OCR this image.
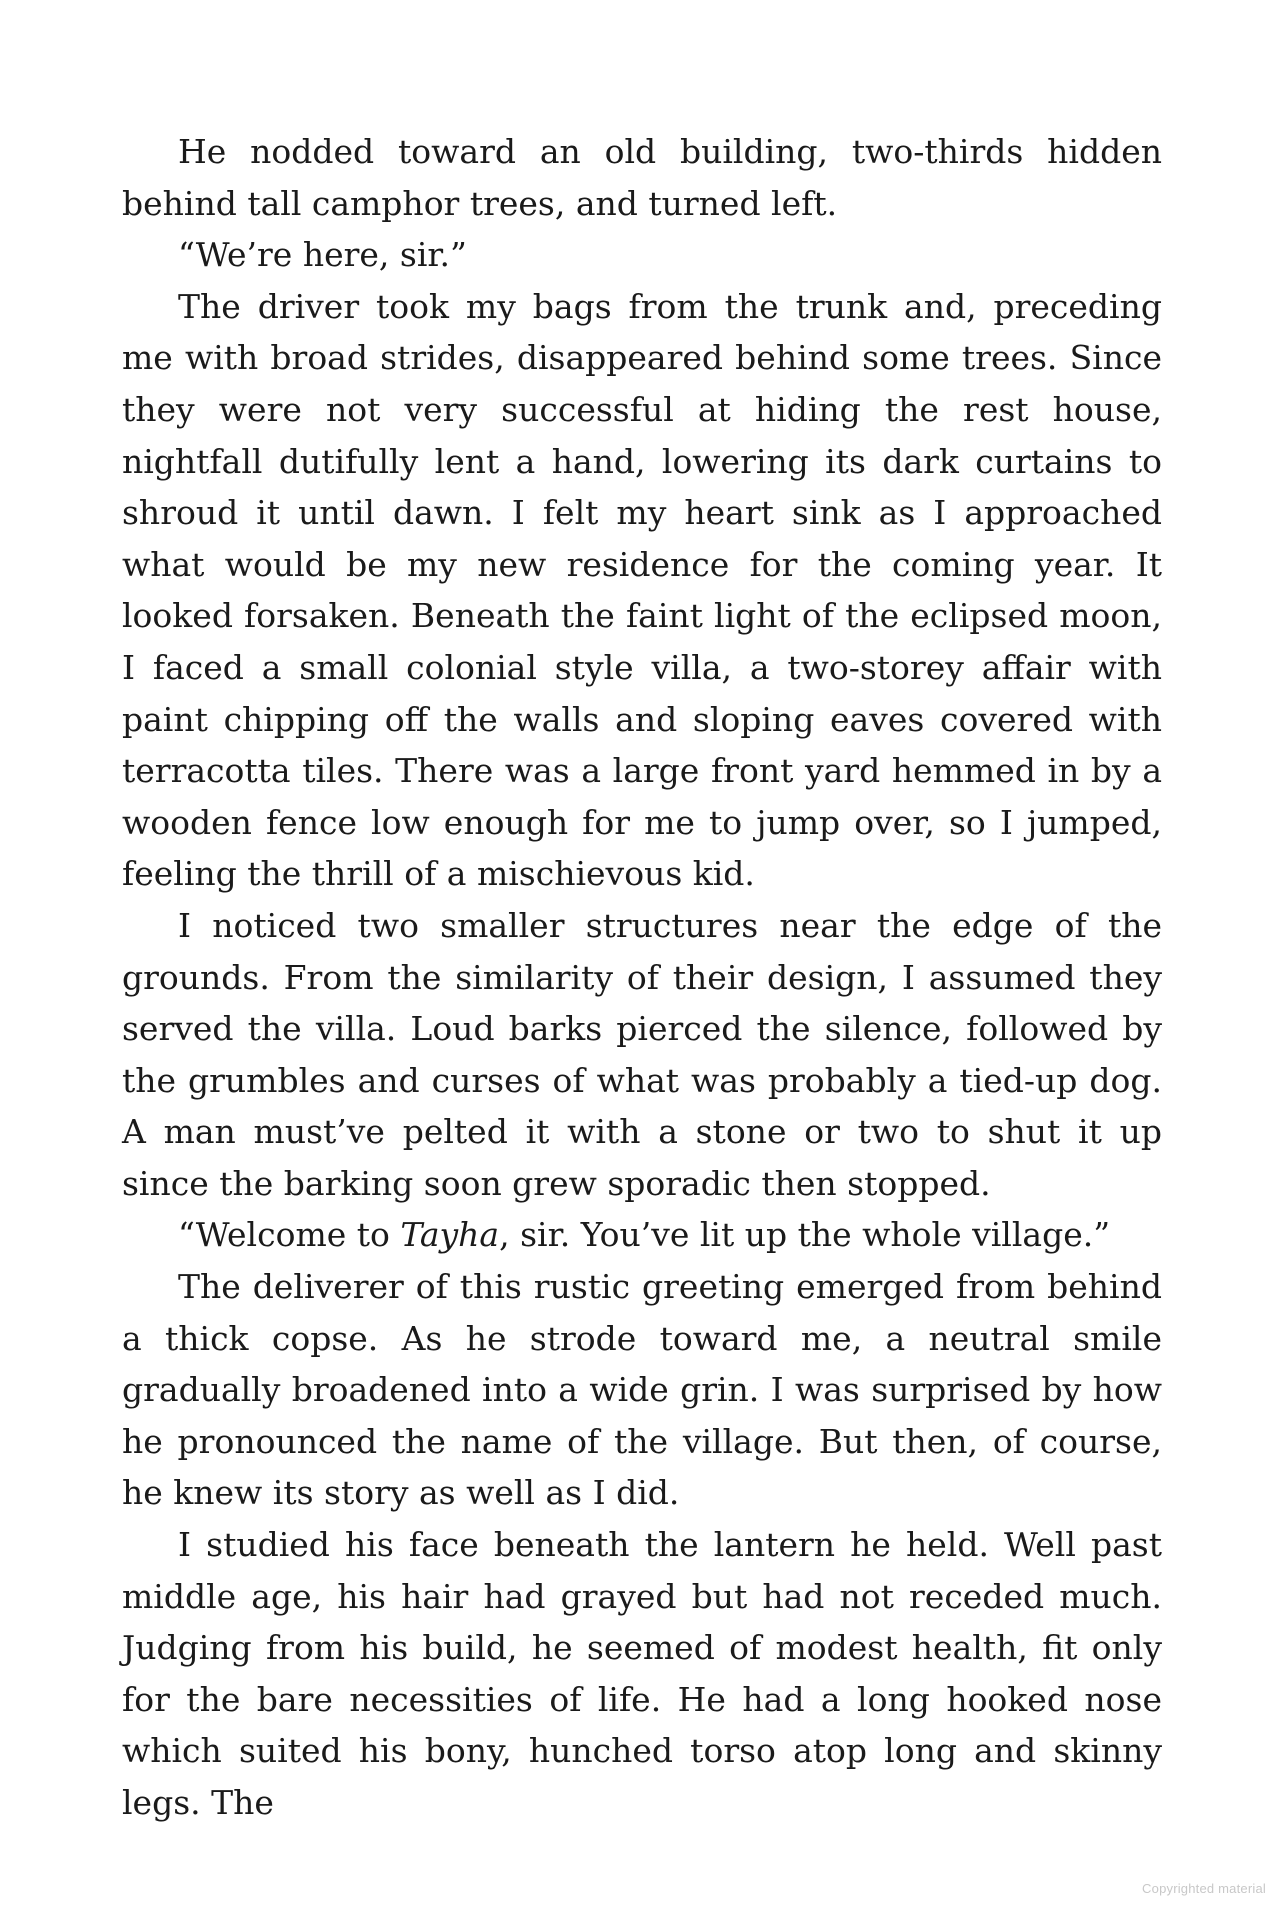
He nodded toward an old building, two-thirds hidden behind tall camphor trees, and turned left.

“We’re here, sir.”

The driver took my bags from the trunk and, preceding me with broad strides, disappeared behind some trees. Since they were not very successful at hiding the rest house, nightfall dutifully lent a hand, lowering its dark curtains to shroud it until dawn. I felt my heart sink as I approached what would be my new residence for the coming year. It looked forsaken. Beneath the faint light of the eclipsed moon, I faced a small colonial style villa, a two-storey affair with paint chipping off the walls and sloping eaves covered with terracotta tiles. There was a large front yard hemmed in by a wooden fence low enough for me to jump over, so I jumped, feeling the thrill of a mischievous kid.

I noticed two smaller structures near the edge of the grounds. From the similarity of their design, I assumed they served the villa. Loud barks pierced the silence, followed by the grumbles and curses of what was probably a tied-up dog. A man must’ve pelted it with a stone or two to shut it up since the barking soon grew sporadic then stopped.

“Welcome to Tayha, sir. You’ve lit up the whole village.”

The deliverer of this rustic greeting emerged from behind a thick copse. As he strode toward me, a neutral smile gradually broadened into a wide grin. I was surprised by how he pronounced the name of the village. But then, of course, he knew its story as well as I did.

I studied his face beneath the lantern he held. Well past middle age, his hair had grayed but had not receded much. Judging from his build, he seemed of modest health, fit only for the bare necessities of life. He had a long hooked nose which suited his bony, hunched torso atop long and skinny legs. The

Copyrighted material
